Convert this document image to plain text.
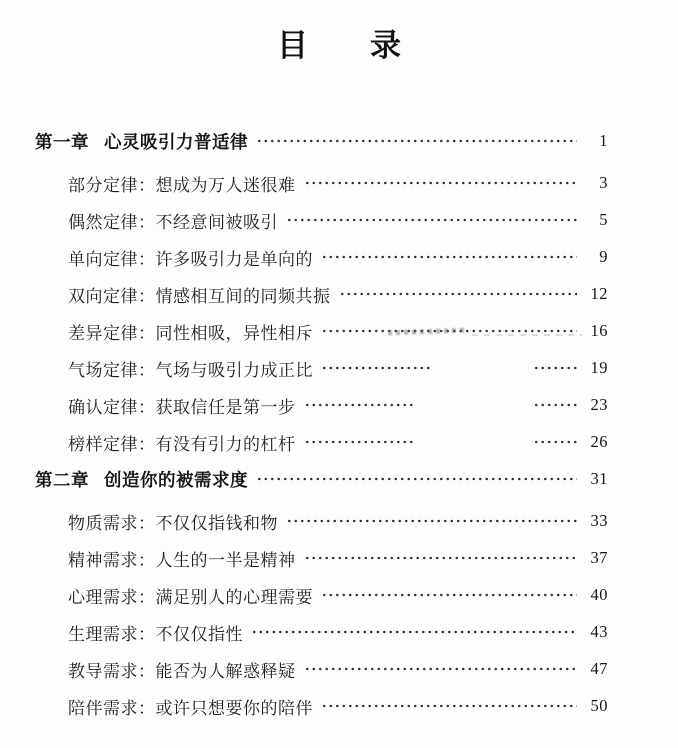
目 录
第一章 心灵吸引力普适律	1
部分定律：想成为万人迷很难	3
偶然定律：不经意间被吸引	5
单向定律：许多吸引力是单向的	9
双向定律：情感相互间的同频共振	12
差异定律：同性相吸，异性相斥	16
气场定律：气场与吸引力成正比	19
确认定律：获取信任是第一步	23
榜样定律：有没有引力的杠杆	26
第二章 创造你的被需求度	31
物质需求：不仅仅指钱和物	33
精神需求：人生的一半是精神	37
心理需求：满足别人的心理需要	40
生理需求：不仅仅指性	43
教导需求：能否为人解惑释疑	47
陪伴需求：或许只想要你的陪伴	50
